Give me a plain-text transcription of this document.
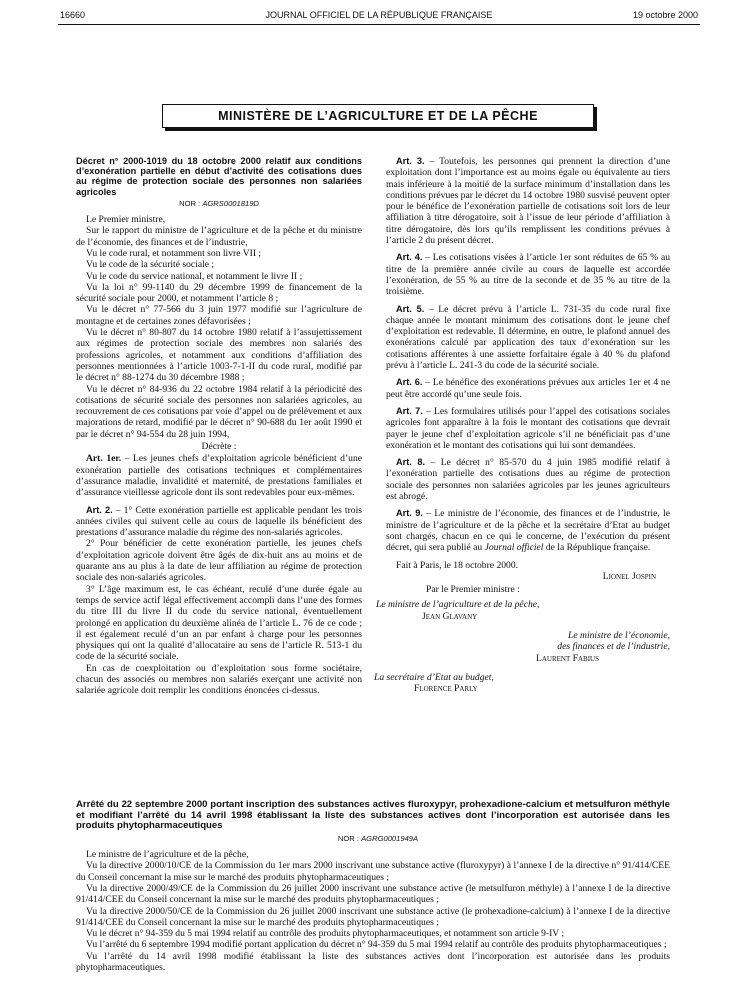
16660	JOURNAL OFFICIEL DE LA RÉPUBLIQUE FRANÇAISE	19 octobre 2000
MINISTÈRE DE L’AGRICULTURE ET DE LA PÊCHE
Décret n° 2000-1019 du 18 octobre 2000 relatif aux conditions d’exonération partielle en début d’activité des cotisations dues au régime de protection sociale des personnes non salariées agricoles

NOR : AGRS0001819D

Le Premier ministre,

Sur le rapport du ministre de l’agriculture et de la pêche et du ministre de l’économie, des finances et de l’industrie,

Vu le code rural, et notamment son livre VII ;

Vu le code de la sécurité sociale ;

Vu le code du service national, et notamment le livre II ;

Vu la loi n° 99-1140 du 29 décembre 1999 de financement de la sécurité sociale pour 2000, et notamment l’article 8 ;

Vu le décret n° 77-566 du 3 juin 1977 modifié sur l’agriculture de montagne et de certaines zones défavorisées ;

Vu le décret n° 80-807 du 14 octobre 1980 relatif à l’assujettissement aux régimes de protection sociale des membres non salariés des professions agricoles, et notamment aux conditions d’affiliation des personnes mentionnées à l’article 1003-7-1-II du code rural, modifié par le décret n° 88-1274 du 30 décembre 1988 ;

Vu le décret n° 84-936 du 22 octobre 1984 relatif à la périodicité des cotisations de sécurité sociale des personnes non salariées agricoles, au recouvrement de ces cotisations par voie d’appel ou de prélèvement et aux majorations de retard, modifié par le décret n° 90-688 du 1er août 1990 et par le décret n° 94-554 du 28 juin 1994,

Décrète :

Art. 1er. – Les jeunes chefs d’exploitation agricole bénéficient d’une exonération partielle des cotisations techniques et complémentaires d’assurance maladie, invalidité et maternité, de prestations familiales et d’assurance vieillesse agricole dont ils sont redevables pour eux-mêmes.

Art. 2. – 1° Cette exonération partielle est applicable pendant les trois années civiles qui suivent celle au cours de laquelle ils bénéficient des prestations d’assurance maladie du régime des non-salariés agricoles.

2° Pour bénéficier de cette exonération partielle, les jeunes chefs d’exploitation agricole doivent être âgés de dix-huit ans au moins et de quarante ans au plus à la date de leur affiliation au régime de protection sociale des non-salariés agricoles.

3° L’âge maximum est, le cas échéant, reculé d’une durée égale au temps de service actif légal effectivement accompli dans l’une des formes du titre III du livre II du code du service national, éventuellement prolongé en application du deuxième alinéa de l’article L. 76 de ce code ; il est également reculé d’un an par enfant à charge pour les personnes physiques qui ont la qualité d’allocataire au sens de l’article R. 513-1 du code de la sécurité sociale.

En cas de coexploitation ou d’exploitation sous forme sociétaire, chacun des associés ou membres non salariés exerçant une activité non salariée agricole doit remplir les conditions énoncées ci-dessus.

Art. 3. – Toutefois, les personnes qui prennent la direction d’une exploitation dont l’importance est au moins égale ou équivalente au tiers mais inférieure à la moitié de la surface minimum d’installation dans les conditions prévues par le décret du 14 octobre 1980 susvisé peuvent opter pour le bénéfice de l’exonération partielle de cotisations soit lors de leur affiliation à titre dérogatoire, soit à l’issue de leur période d’affiliation à titre dérogatoire, dès lors qu’ils remplissent les conditions prévues à l’article 2 du présent décret.

Art. 4. – Les cotisations visées à l’article 1er sont réduites de 65 % au titre de la première année civile au cours de laquelle est accordée l’exonération, de 55 % au titre de la seconde et de 35 % au titre de la troisième.

Art. 5. – Le décret prévu à l’article L. 731-35 du code rural fixe chaque année le montant minimum des cotisations dont le jeune chef d’exploitation est redevable. Il détermine, en outre, le plafond annuel des exonérations calculé par application des taux d’exonération sur les cotisations afférentes à une assiette forfaitaire égale à 40 % du plafond prévu à l’article L. 241-3 du code de la sécurité sociale.

Art. 6. – Le bénéfice des exonérations prévues aux articles 1er et 4 ne peut être accordé qu’une seule fois.

Art. 7. – Les formulaires utilisés pour l’appel des cotisations sociales agricoles font apparaître à la fois le montant des cotisations que devrait payer le jeune chef d’exploitation agricole s’il ne bénéficiait pas d’une exonération et le montant des cotisations qui lui sont demandées.

Art. 8. – Le décret n° 85-570 du 4 juin 1985 modifié relatif à l’exonération partielle des cotisations dues au régime de protection sociale des personnes non salariées agricoles par les jeunes agriculteurs est abrogé.

Art. 9. – Le ministre de l’économie, des finances et de l’industrie, le ministre de l’agriculture et de la pêche et la secrétaire d’Etat au budget sont chargés, chacun en ce qui le concerne, de l’exécution du présent décret, qui sera publié au Journal officiel de la République française.

Fait à Paris, le 18 octobre 2000.

Lionel Jospin
Par le Premier ministre :
Le ministre de l’agriculture et de la pêche,
Jean Glavany
Le ministre de l’économie,
des finances et de l’industrie,
Laurent Fabius
La secrétaire d’Etat au budget,
Florence Parly
Arrêté du 22 septembre 2000 portant inscription des substances actives fluroxypyr, prohexadione-calcium et metsulfuron méthyle et modifiant l’arrêté du 14 avril 1998 établissant la liste des substances actives dont l’incorporation est autorisée dans les produits phytopharmaceutiques

NOR : AGRG0001949A

Le ministre de l’agriculture et de la pêche,

Vu la directive 2000/10/CE de la Commission du 1er mars 2000 inscrivant une substance active (fluroxypyr) à l’annexe I de la directive n° 91/414/CEE du Conseil concernant la mise sur le marché des produits phytopharmaceutiques ;

Vu la directive 2000/49/CE de la Commission du 26 juillet 2000 inscrivant une substance active (le metsulfuron méthyle) à l’annexe I de la directive 91/414/CEE du Conseil concernant la mise sur le marché des produits phytopharmaceutiques ;

Vu la directive 2000/50/CE de la Commission du 26 juillet 2000 inscrivant une substance active (le prohexadione-calcium) à l’annexe I de la directive 91/414/CEE du Conseil concernant la mise sur le marché des produits phytopharmaceutiques ;

Vu le décret n° 94-359 du 5 mai 1994 relatif au contrôle des produits phytopharmaceutiques, et notamment son article 9-IV ;

Vu l’arrêté du 6 septembre 1994 modifié portant application du décret n° 94-359 du 5 mai 1994 relatif au contrôle des produits phytopharmaceutiques ;

Vu l’arrêté du 14 avril 1998 modifié établissant la liste des substances actives dont l’incorporation est autorisée dans les produits phytopharmaceutiques.
